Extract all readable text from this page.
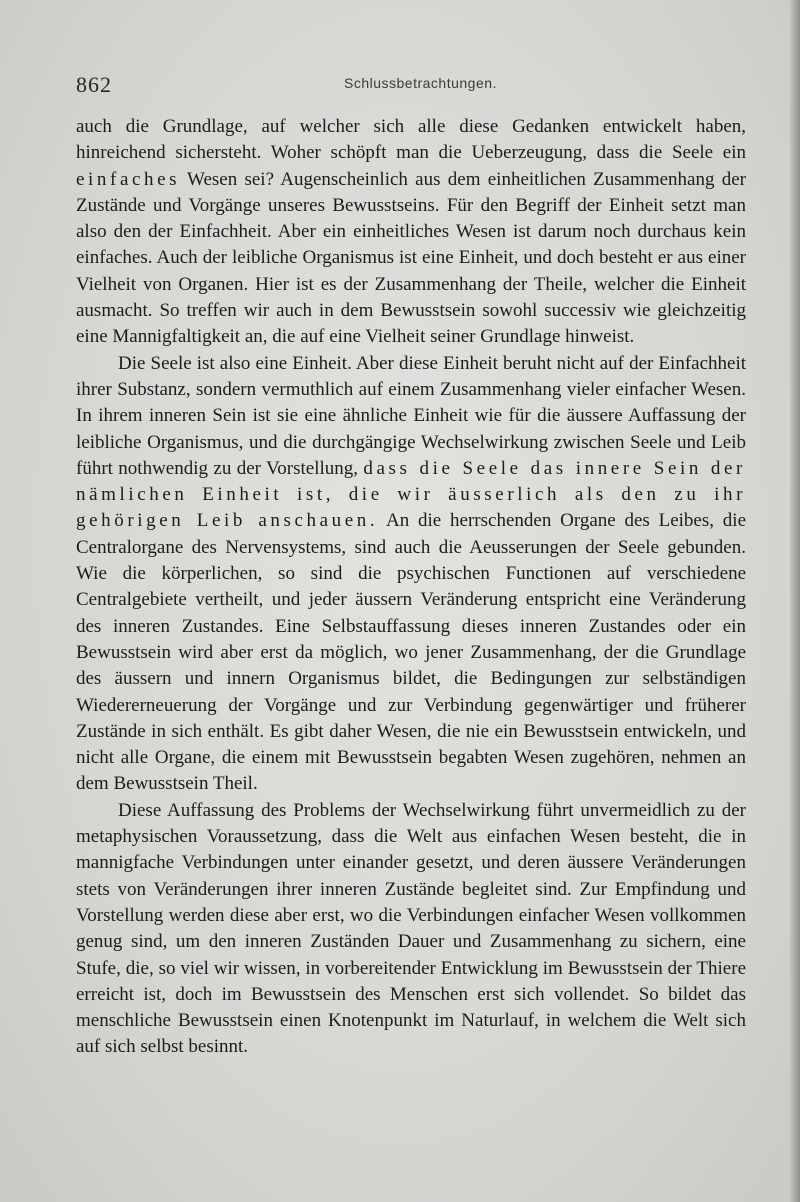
862	Schlussbetrachtungen.

auch die Grundlage, auf welcher sich alle diese Gedanken entwickelt haben, hinreichend sichersteht. Woher schöpft man die Ueberzeugung, dass die Seele ein einfaches Wesen sei? Augenscheinlich aus dem einheitlichen Zusammenhang der Zustände und Vorgänge unseres Bewusstseins. Für den Begriff der Einheit setzt man also den der Einfachheit. Aber ein einheitliches Wesen ist darum noch durchaus kein einfaches. Auch der leibliche Organismus ist eine Einheit, und doch besteht er aus einer Vielheit von Organen. Hier ist es der Zusammenhang der Theile, welcher die Einheit ausmacht. So treffen wir auch in dem Bewusstsein sowohl successiv wie gleichzeitig eine Mannigfaltigkeit an, die auf eine Vielheit seiner Grundlage hinweist.

Die Seele ist also eine Einheit. Aber diese Einheit beruht nicht auf der Einfachheit ihrer Substanz, sondern vermuthlich auf einem Zusammenhang vieler einfacher Wesen. In ihrem inneren Sein ist sie eine ähnliche Einheit wie für die äussere Auffassung der leibliche Organismus, und die durchgängige Wechselwirkung zwischen Seele und Leib führt nothwendig zu der Vorstellung, dass die Seele das innere Sein der nämlichen Einheit ist, die wir äusserlich als den zu ihr gehörigen Leib anschauen. An die herrschenden Organe des Leibes, die Centralorgane des Nervensystems, sind auch die Aeusserungen der Seele gebunden. Wie die körperlichen, so sind die psychischen Functionen auf verschiedene Centralgebiete vertheilt, und jeder äussern Veränderung entspricht eine Veränderung des inneren Zustandes. Eine Selbstauffassung dieses inneren Zustandes oder ein Bewusstsein wird aber erst da möglich, wo jener Zusammenhang, der die Grundlage des äussern und innern Organismus bildet, die Bedingungen zur selbständigen Wiedererneuerung der Vorgänge und zur Verbindung gegenwärtiger und früherer Zustände in sich enthält. Es gibt daher Wesen, die nie ein Bewusstsein entwickeln, und nicht alle Organe, die einem mit Bewusstsein begabten Wesen zugehören, nehmen an dem Bewusstsein Theil.

Diese Auffassung des Problems der Wechselwirkung führt unvermeidlich zu der metaphysischen Voraussetzung, dass die Welt aus einfachen Wesen besteht, die in mannigfache Verbindungen unter einander gesetzt, und deren äussere Veränderungen stets von Veränderungen ihrer inneren Zustände begleitet sind. Zur Empfindung und Vorstellung werden diese aber erst, wo die Verbindungen einfacher Wesen vollkommen genug sind, um den inneren Zuständen Dauer und Zusammenhang zu sichern, eine Stufe, die, so viel wir wissen, in vorbereitender Entwicklung im Bewusstsein der Thiere erreicht ist, doch im Bewusstsein des Menschen erst sich vollendet. So bildet das menschliche Bewusstsein einen Knotenpunkt im Naturlauf, in welchem die Welt sich auf sich selbst besinnt.
